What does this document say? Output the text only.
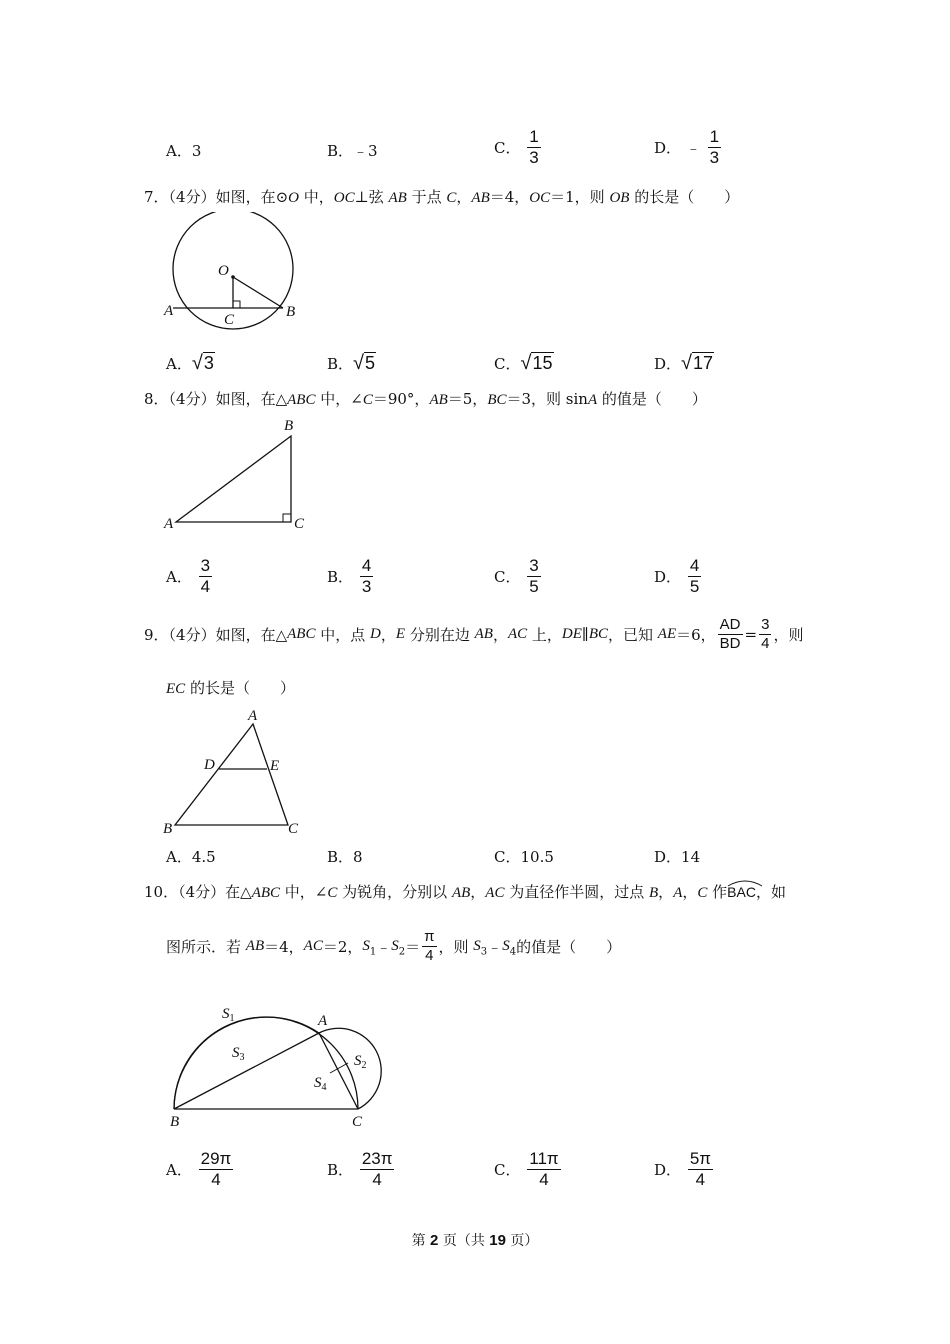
A．3	B．﹣3	C． $\frac{1}{3}$	D． ﹣ $\frac{1}{3}$
7．（4分）如图，在⊙O 中，OC⊥弦 AB 于点 C，AB＝4，OC＝1，则 OB 的长是（　　）
O
A	B
C
A．√3	B．√5	C．√15	D．√17
8．（4分）如图，在△ABC 中，∠C＝90°，AB＝5，BC＝3，则 sinA 的值是（　　）
A
B
C
A． $\frac{3}{4}$	B． $\frac{4}{3}$	C． $\frac{3}{5}$	D． $\frac{4}{5}$
9．（4分）如图，在△ABC 中，点 D，E 分别在边 AB，AC 上，DE∥BC，已知 AE＝6， $\frac{AD}{BD} = \frac{3}{4}$ ，则
EC 的长是（　　）
A
B	C
D	E
A．4.5	B．8	C．10.5	D．14
10．（4分）在△ABC 中，∠C 为锐角，分别以 AB，AC 为直径作半圆，过点 B，A，C 作
BAC，如
图所示．若 AB＝4，AC＝2，$S_1﹣S_2= \frac{\pi}{4}$ ，则 $S_3﹣S_4$的值是（　　）
$S_1$
$S_2$
$S_3$
$S_4$
A
B	C
A． $\frac{29\pi}{4}$	B． $\frac{23\pi}{4}$	C． $\frac{11\pi}{4}$	D． $\frac{5\pi}{4}$
第 2 页（共 19 页）
